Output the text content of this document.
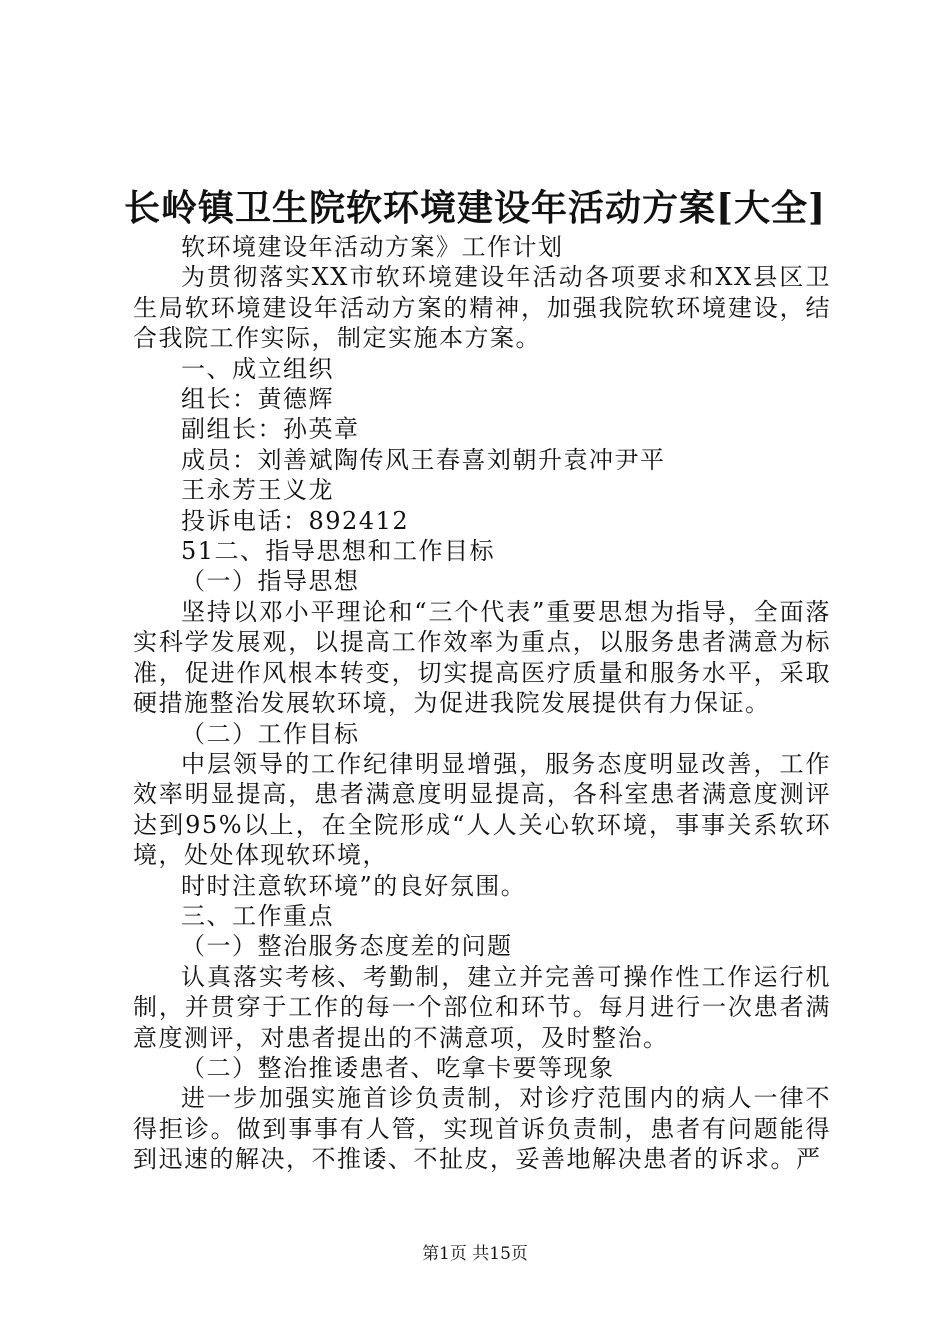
长岭镇卫生院软环境建设年活动方案[大全]

软环境建设年活动方案》工作计划

为贯彻落实XX市软环境建设年活动各项要求和XX县区卫生局软环境建设年活动方案的精神，加强我院软环境建设，结合我院工作实际，制定实施本方案。

一、成立组织

组长：黄德辉

副组长：孙英章

成员：刘善斌陶传风王春喜刘朝升袁冲尹平

王永芳王义龙

投诉电话：892412

51二、指导思想和工作目标

（一）指导思想

坚持以邓小平理论和“三个代表”重要思想为指导，全面落实科学发展观，以提高工作效率为重点，以服务患者满意为标准，促进作风根本转变，切实提高医疗质量和服务水平，采取硬措施整治发展软环境，为促进我院发展提供有力保证。

（二）工作目标

中层领导的工作纪律明显增强，服务态度明显改善，工作效率明显提高，患者满意度明显提高，各科室患者满意度测评达到95%以上，在全院形成“人人关心软环境，事事关系软环境，处处体现软环境，

时时注意软环境”的良好氛围。

三、工作重点

（一）整治服务态度差的问题

认真落实考核、考勤制，建立并完善可操作性工作运行机制，并贯穿于工作的每一个部位和环节。每月进行一次患者满意度测评，对患者提出的不满意项，及时整治。

（二）整治推诿患者、吃拿卡要等现象

进一步加强实施首诊负责制，对诊疗范围内的病人一律不得拒诊。做到事事有人管，实现首诉负责制，患者有问题能得到迅速的解决，不推诿、不扯皮，妥善地解决患者的诉求。严

第1页 共15页
